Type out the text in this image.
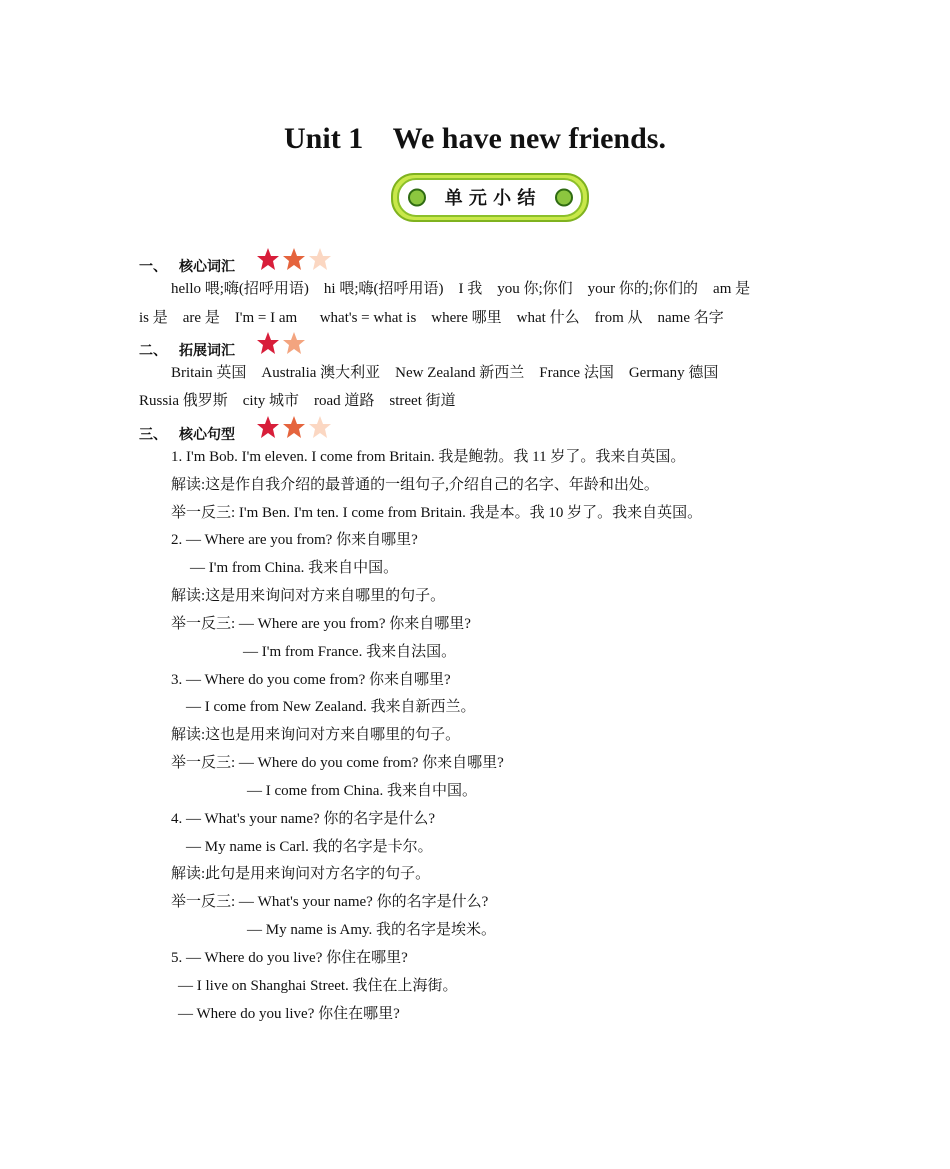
Unit 1    We have new friends.
单 元 小 结
一、 核心词汇
hello 喂;嗨(招呼用语)    hi 喂;嗨(招呼用语)    I 我    you 你;你们    your 你的;你们的    am 是
is 是    are 是    I'm = I am      what's = what is    where 哪里    what 什么    from 从    name 名字
二、 拓展词汇
Britain 英国    Australia 澳大利亚    New Zealand 新西兰    France 法国    Germany 德国
Russia 俄罗斯    city 城市    road 道路    street 街道
三、 核心句型
1. I'm Bob. I'm eleven. I come from Britain. 我是鲍勃。我 11 岁了。我来自英国。
解读:这是作自我介绍的最普通的一组句子,介绍自己的名字、年龄和出处。
举一反三: I'm Ben. I'm ten. I come from Britain. 我是本。我 10 岁了。我来自英国。
2. — Where are you from? 你来自哪里?
— I'm from China. 我来自中国。
解读:这是用来询问对方来自哪里的句子。
举一反三: — Where are you from? 你来自哪里?
— I'm from France. 我来自法国。
3. — Where do you come from? 你来自哪里?
— I come from New Zealand. 我来自新西兰。
解读:这也是用来询问对方来自哪里的句子。
举一反三: — Where do you come from? 你来自哪里?
— I come from China. 我来自中国。
4. — What's your name? 你的名字是什么?
— My name is Carl. 我的名字是卡尔。
解读:此句是用来询问对方名字的句子。
举一反三: — What's your name? 你的名字是什么?
— My name is Amy. 我的名字是埃米。
5. — Where do you live? 你住在哪里?
— I live on Shanghai Street. 我住在上海街。
— Where do you live? 你住在哪里?
